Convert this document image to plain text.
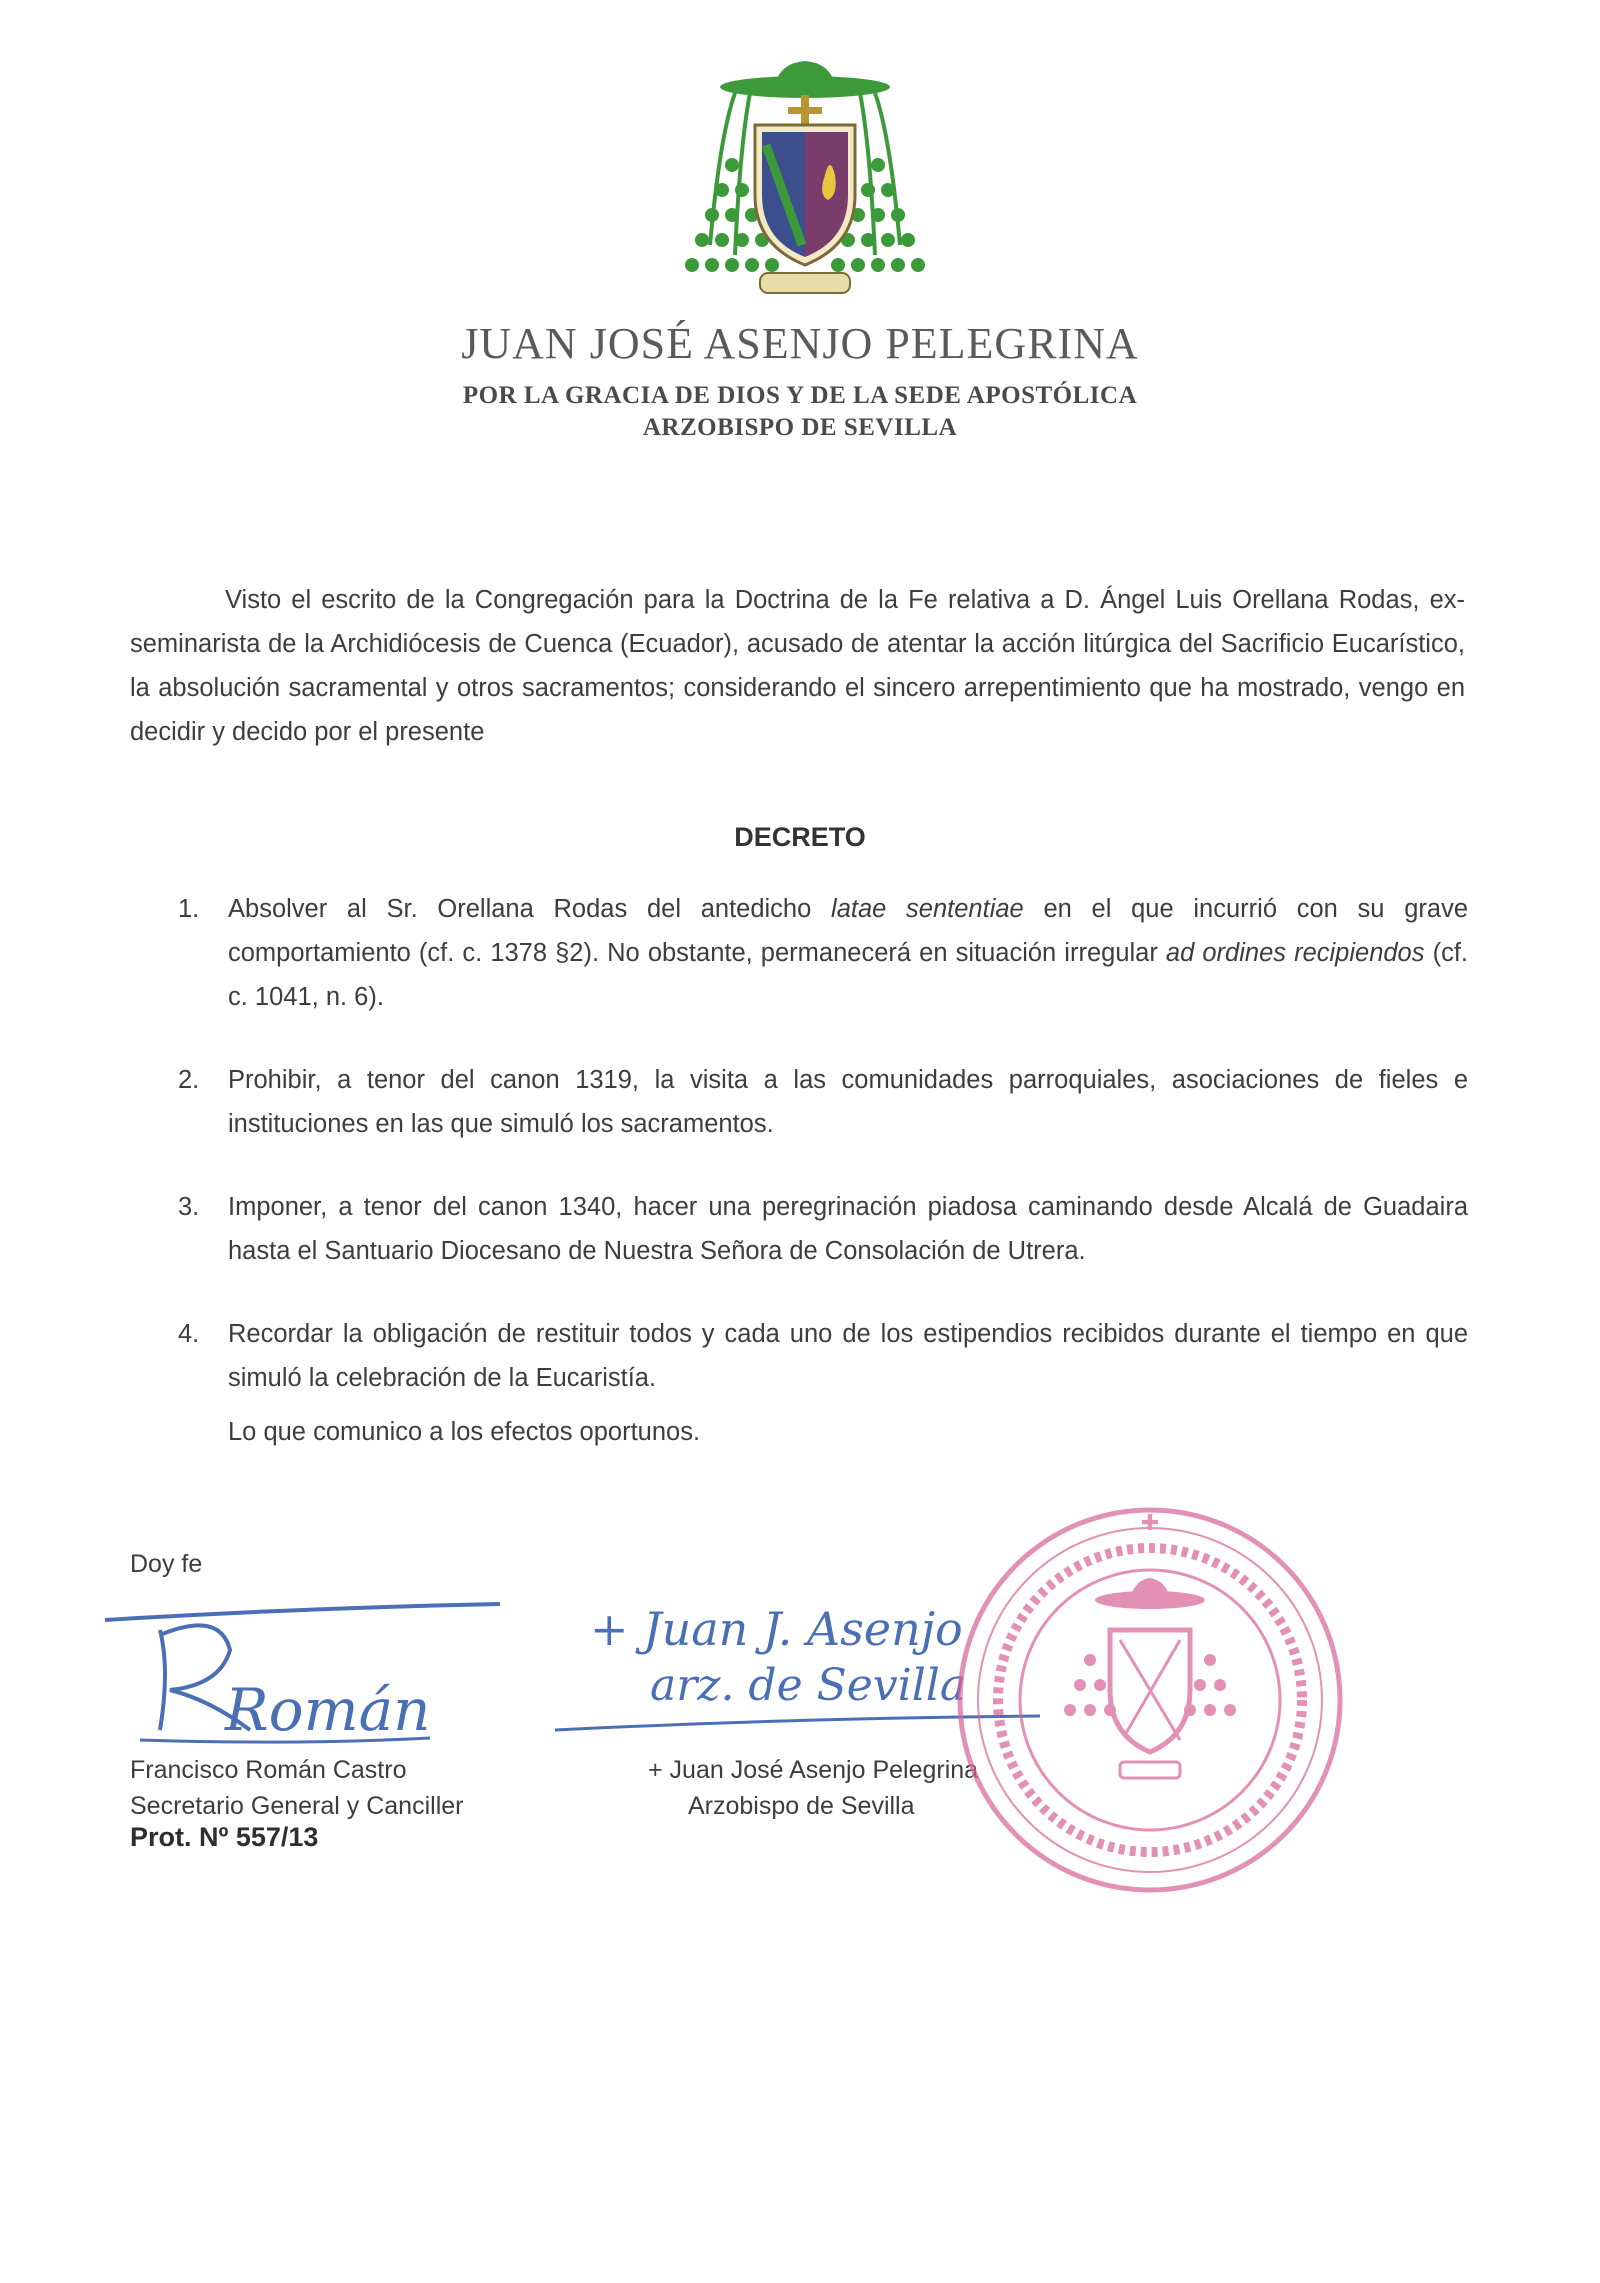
JUAN JOSÉ ASENJO PELEGRINA
POR LA GRACIA DE DIOS Y DE LA SEDE APOSTÓLICA
ARZOBISPO DE SEVILLA
Visto el escrito de la Congregación para la Doctrina de la Fe relativa a D. Ángel Luis Orellana Rodas, ex-seminarista de la Archidiócesis de Cuenca (Ecuador), acusado de atentar la acción litúrgica del Sacrificio Eucarístico, la absolución sacramental y otros sacramentos; considerando el sincero arrepentimiento que ha mostrado, vengo en decidir y decido por el presente
DECRETO
1. Absolver al Sr. Orellana Rodas del antedicho latae sententiae en el que incurrió con su grave comportamiento (cf. c. 1378 §2). No obstante, permanecerá en situación irregular ad ordines recipiendos (cf. c. 1041, n. 6).
2. Prohibir, a tenor del canon 1319, la visita a las comunidades parroquiales, asociaciones de fieles e instituciones en las que simuló los sacramentos.
3. Imponer, a tenor del canon 1340, hacer una peregrinación piadosa caminando desde Alcalá de Guadaira hasta el Santuario Diocesano de Nuestra Señora de Consolación de Utrera.
4. Recordar la obligación de restituir todos y cada uno de los estipendios recibidos durante el tiempo en que simuló la celebración de la Eucaristía.
Lo que comunico a los efectos oportunos.
Doy fe
Román
+ Juan J. Asenjo
arz. de Sevilla
Francisco Román Castro
Secretario General y Canciller
Prot. Nº 557/13
+ Juan José Asenjo Pelegrina
Arzobispo de Sevilla
✚
